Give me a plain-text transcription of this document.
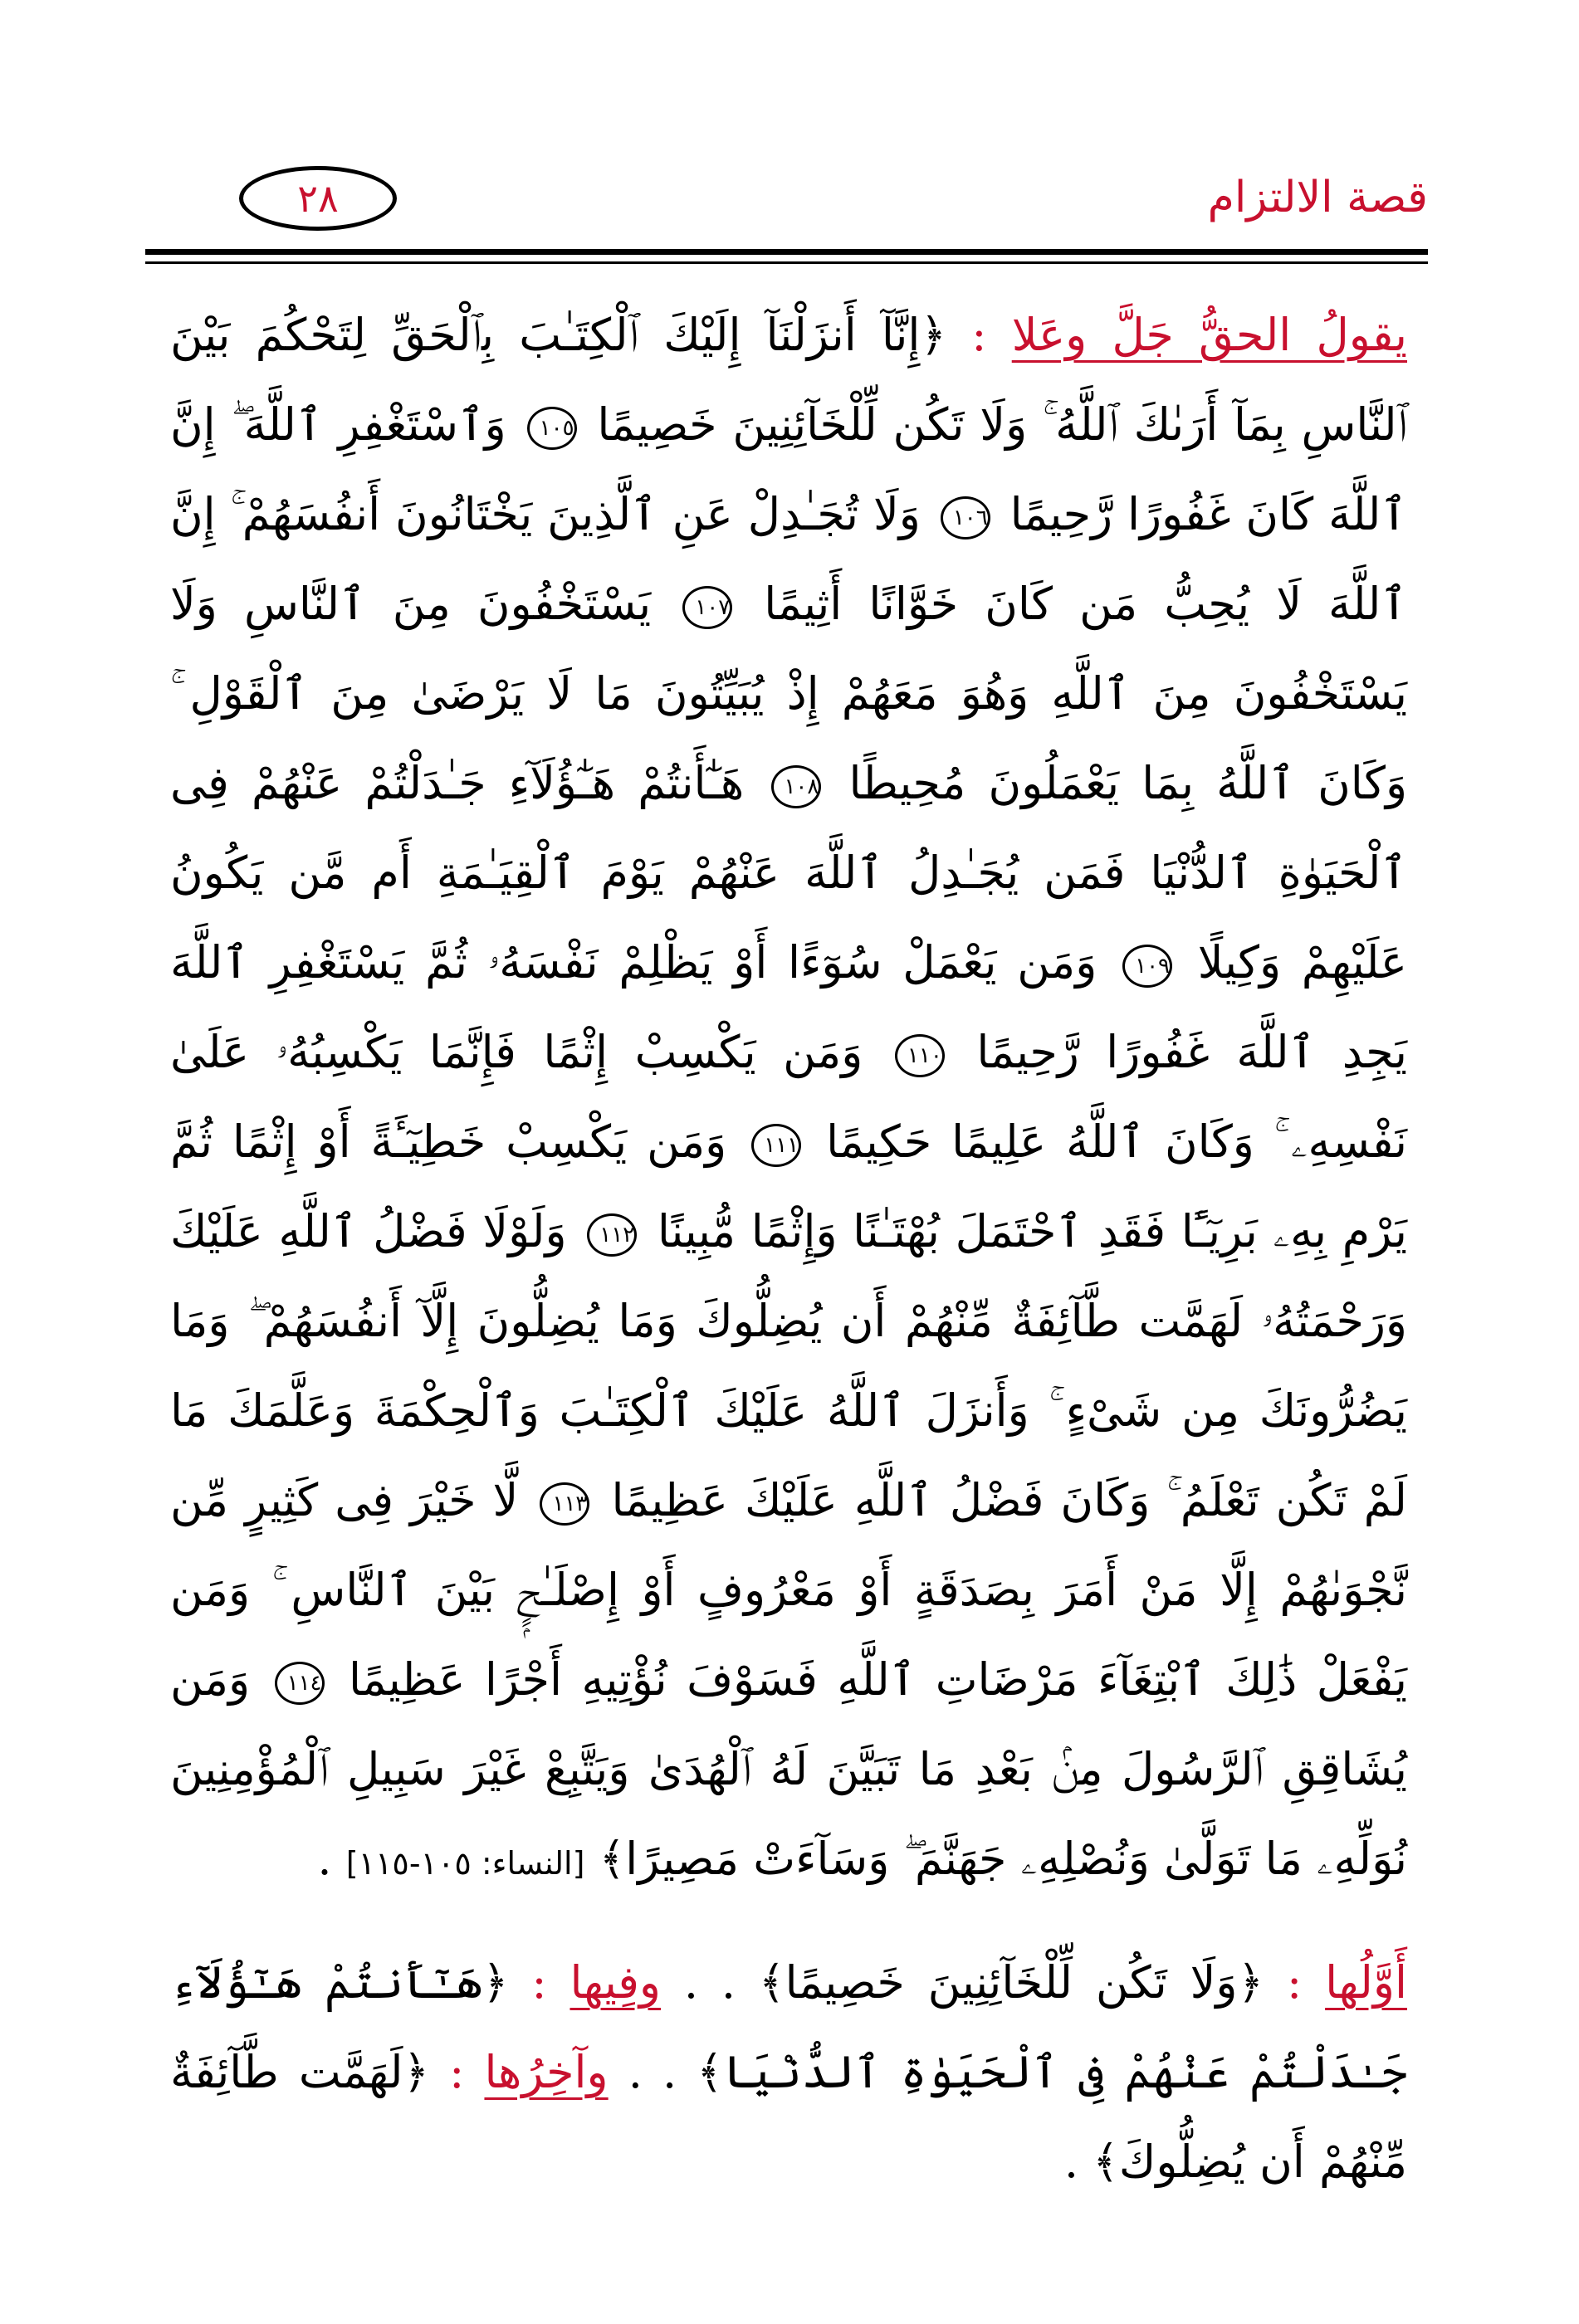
٢٨	قصة الالتزام

يقولُ الحقُّ جَلَّ وعَلا : ﴿إِنَّآ أَنزَلْنَآ إِلَيْكَ ٱلْكِتَـٰبَ بِٱلْحَقِّ لِتَحْكُمَ بَيْنَ ٱلنَّاسِ بِمَآ أَرَىٰكَ ٱللَّهُ ۚ وَلَا تَكُن لِّلْخَآئِنِينَ خَصِيمًا ١٠٥ وَٱسْتَغْفِرِ ٱللَّهَ ۖ إِنَّ ٱللَّهَ كَانَ غَفُورًا رَّحِيمًا ١٠٦ وَلَا تُجَـٰدِلْ عَنِ ٱلَّذِينَ يَخْتَانُونَ أَنفُسَهُمْ ۚ إِنَّ ٱللَّهَ لَا يُحِبُّ مَن كَانَ خَوَّانًا أَثِيمًا ١٠٧ يَسْتَخْفُونَ مِنَ ٱلنَّاسِ وَلَا يَسْتَخْفُونَ مِنَ ٱللَّهِ وَهُوَ مَعَهُمْ إِذْ يُبَيِّتُونَ مَا لَا يَرْضَىٰ مِنَ ٱلْقَوْلِ ۚ وَكَانَ ٱللَّهُ بِمَا يَعْمَلُونَ مُحِيطًا ١٠٨ هَـٰٓأَنتُمْ هَـٰٓؤُلَآءِ جَـٰدَلْتُمْ عَنْهُمْ فِى ٱلْحَيَوٰةِ ٱلدُّنْيَا فَمَن يُجَـٰدِلُ ٱللَّهَ عَنْهُمْ يَوْمَ ٱلْقِيَـٰمَةِ أَم مَّن يَكُونُ عَلَيْهِمْ وَكِيلًا ١٠٩ وَمَن يَعْمَلْ سُوٓءًا أَوْ يَظْلِمْ نَفْسَهُۥ ثُمَّ يَسْتَغْفِرِ ٱللَّهَ يَجِدِ ٱللَّهَ غَفُورًا رَّحِيمًا ١١٠ وَمَن يَكْسِبْ إِثْمًا فَإِنَّمَا يَكْسِبُهُۥ عَلَىٰ نَفْسِهِۦ ۚ وَكَانَ ٱللَّهُ عَلِيمًا حَكِيمًا ١١١ وَمَن يَكْسِبْ خَطِيٓـَٔةً أَوْ إِثْمًا ثُمَّ يَرْمِ بِهِۦ بَرِيٓـًٔا فَقَدِ ٱحْتَمَلَ بُهْتَـٰنًا وَإِثْمًا مُّبِينًا ١١٢ وَلَوْلَا فَضْلُ ٱللَّهِ عَلَيْكَ وَرَحْمَتُهُۥ لَهَمَّت طَّآئِفَةٌ مِّنْهُمْ أَن يُضِلُّوكَ وَمَا يُضِلُّونَ إِلَّآ أَنفُسَهُمْ ۖ وَمَا يَضُرُّونَكَ مِن شَىْءٍ ۚ وَأَنزَلَ ٱللَّهُ عَلَيْكَ ٱلْكِتَـٰبَ وَٱلْحِكْمَةَ وَعَلَّمَكَ مَا لَمْ تَكُن تَعْلَمُ ۚ وَكَانَ فَضْلُ ٱللَّهِ عَلَيْكَ عَظِيمًا ١١٣ لَّا خَيْرَ فِى كَثِيرٍ مِّن نَّجْوَىٰهُمْ إِلَّا مَنْ أَمَرَ بِصَدَقَةٍ أَوْ مَعْرُوفٍ أَوْ إِصْلَـٰحٍۭ بَيْنَ ٱلنَّاسِ ۚ وَمَن يَفْعَلْ ذَٰلِكَ ٱبْتِغَآءَ مَرْضَاتِ ٱللَّهِ فَسَوْفَ نُؤْتِيهِ أَجْرًا عَظِيمًا ١١٤ وَمَن يُشَاقِقِ ٱلرَّسُولَ مِنۢ بَعْدِ مَا تَبَيَّنَ لَهُ ٱلْهُدَىٰ وَيَتَّبِعْ غَيْرَ سَبِيلِ ٱلْمُؤْمِنِينَ نُوَلِّهِۦ مَا تَوَلَّىٰ وَنُصْلِهِۦ جَهَنَّمَ ۖ وَسَآءَتْ مَصِيرًا﴾ [النساء: ١٠٥-١١٥] .

أَوَّلُها : ﴿وَلَا تَكُن لِّلْخَآئِنِينَ خَصِيمًا﴾ . . وفِيها : ﴿هَـٰٓأَنتُمْ هَـٰٓؤُلَآءِ جَـٰدَلْتُمْ عَنْهُمْ فِى ٱلْحَيَوٰةِ ٱلدُّنْيَا﴾ . . وآخِرُها : ﴿لَهَمَّت طَّآئِفَةٌ مِّنْهُمْ أَن يُضِلُّوكَ﴾ .
